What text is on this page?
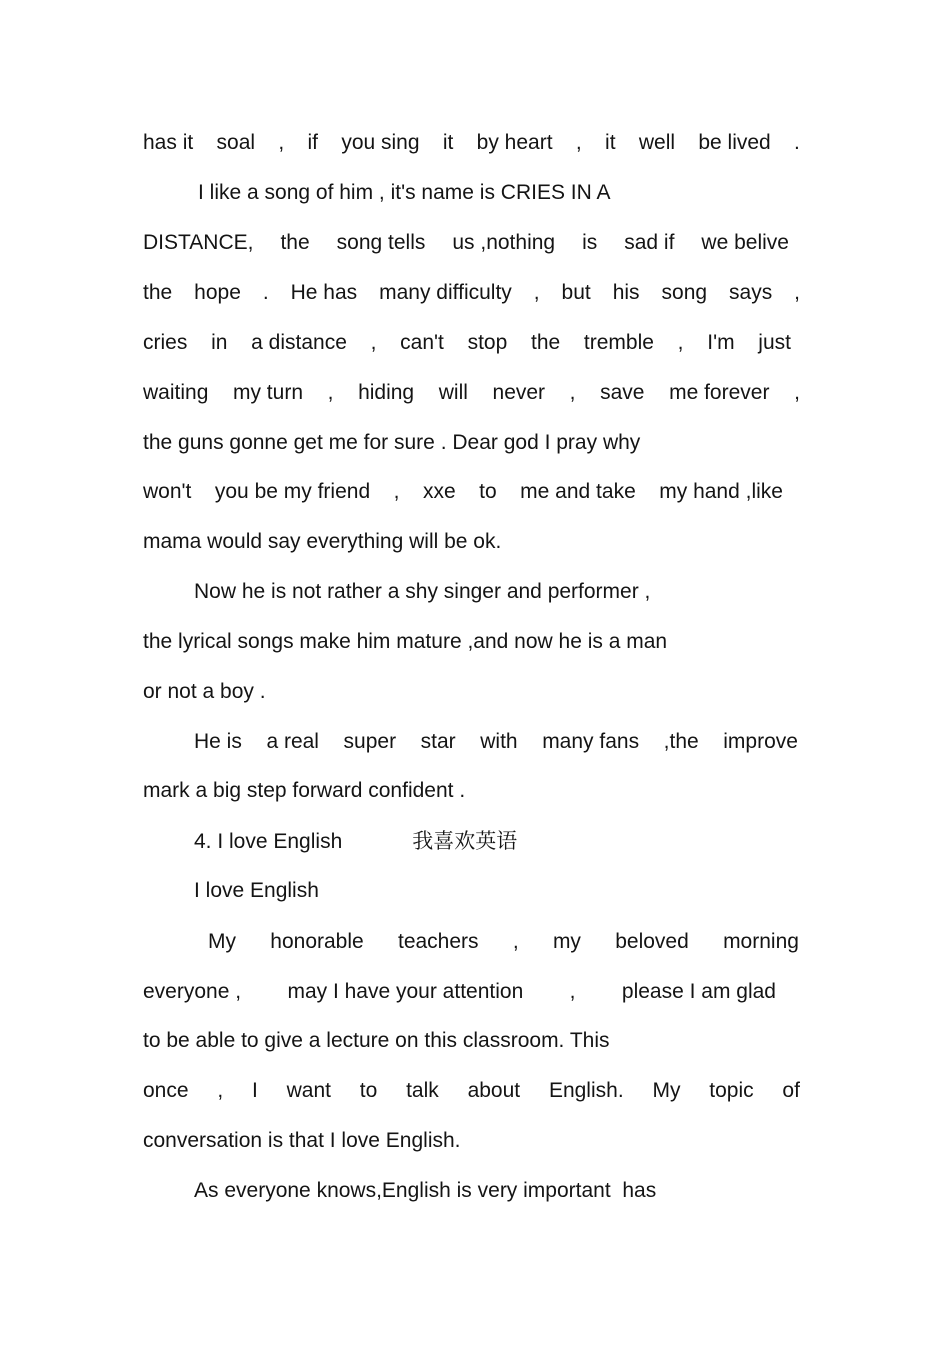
has it soal , if you sing it by heart , it well be lived .
I like a song of him , it's name is CRIES IN A
DISTANCE, the song tells us ,nothing is sad if we belive
the hope . He has many difficulty , but his song says ,
cries in a distance , can't stop the tremble , I'm just
waiting my turn , hiding will never , save me forever ,
the guns gonne get me for sure . Dear god I pray why
won't you be my friend , xxe to me and take my hand ,like
mama would say everything will be ok.
Now he is not rather a shy singer and performer ,
the lyrical songs make him mature ,and now he is a man
or not a boy .
He is a real super star with many fans ,the improve
mark a big step forward confident .
4. I love English	我喜欢英语
I love English
My honorable teachers , my beloved morning
everyone , may I have your attention , please I am glad
to be able to give a lecture on this classroom. This
once , I want to talk about English. My topic of
conversation is that I love English.
As everyone knows,English is very important  has
